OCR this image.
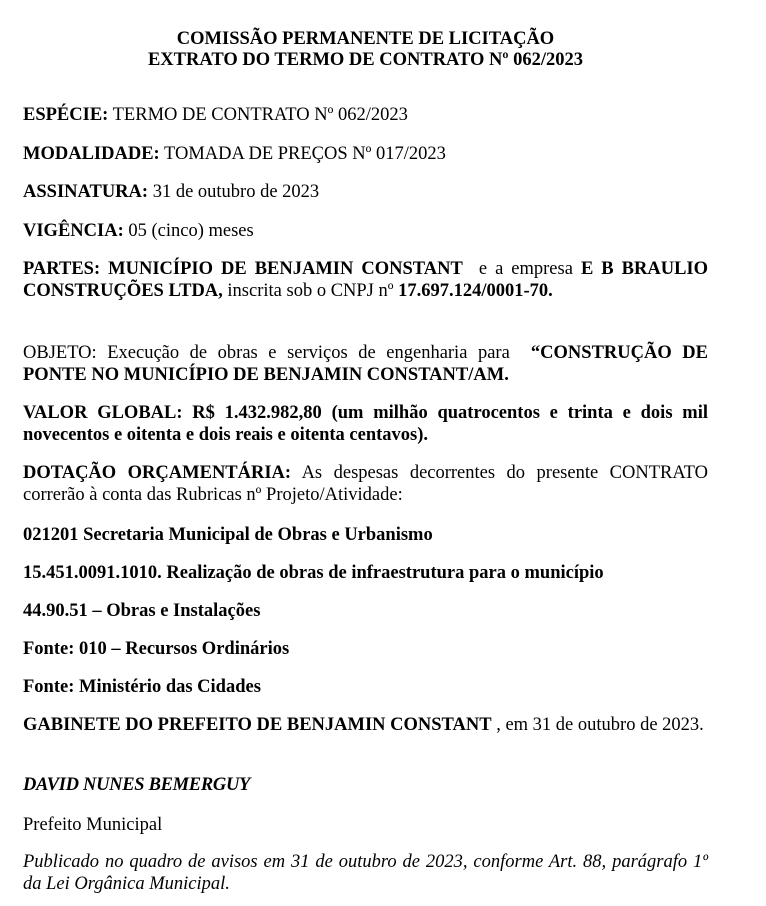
COMISSÃO PERMANENTE DE LICITAÇÃO
EXTRATO DO TERMO DE CONTRATO Nº 062/2023

ESPÉCIE: TERMO DE CONTRATO Nº 062/2023

MODALIDADE: TOMADA DE PREÇOS Nº 017/2023

ASSINATURA: 31 de outubro de 2023

VIGÊNCIA: 05 (cinco) meses

PARTES: MUNICÍPIO DE BENJAMIN CONSTANT e a empresa E B BRAULIO CONSTRUÇÕES LTDA, inscrita sob o CNPJ nº 17.697.124/0001-70.

OBJETO: Execução de obras e serviços de engenharia para “CONSTRUÇÃO DE PONTE NO MUNICÍPIO DE BENJAMIN CONSTANT/AM.

VALOR GLOBAL: R$ 1.432.982,80 (um milhão quatrocentos e trinta e dois mil novecentos e oitenta e dois reais e oitenta centavos).

DOTAÇÃO ORÇAMENTÁRIA: As despesas decorrentes do presente CONTRATO correrão à conta das Rubricas nº Projeto/Atividade:

021201 Secretaria Municipal de Obras e Urbanismo

15.451.0091.1010. Realização de obras de infraestrutura para o município

44.90.51 – Obras e Instalações

Fonte: 010 – Recursos Ordinários

Fonte: Ministério das Cidades

GABINETE DO PREFEITO DE BENJAMIN CONSTANT , em 31 de outubro de 2023.

DAVID NUNES BEMERGUY

Prefeito Municipal

Publicado no quadro de avisos em 31 de outubro de 2023, conforme Art. 88, parágrafo 1º da Lei Orgânica Municipal.
